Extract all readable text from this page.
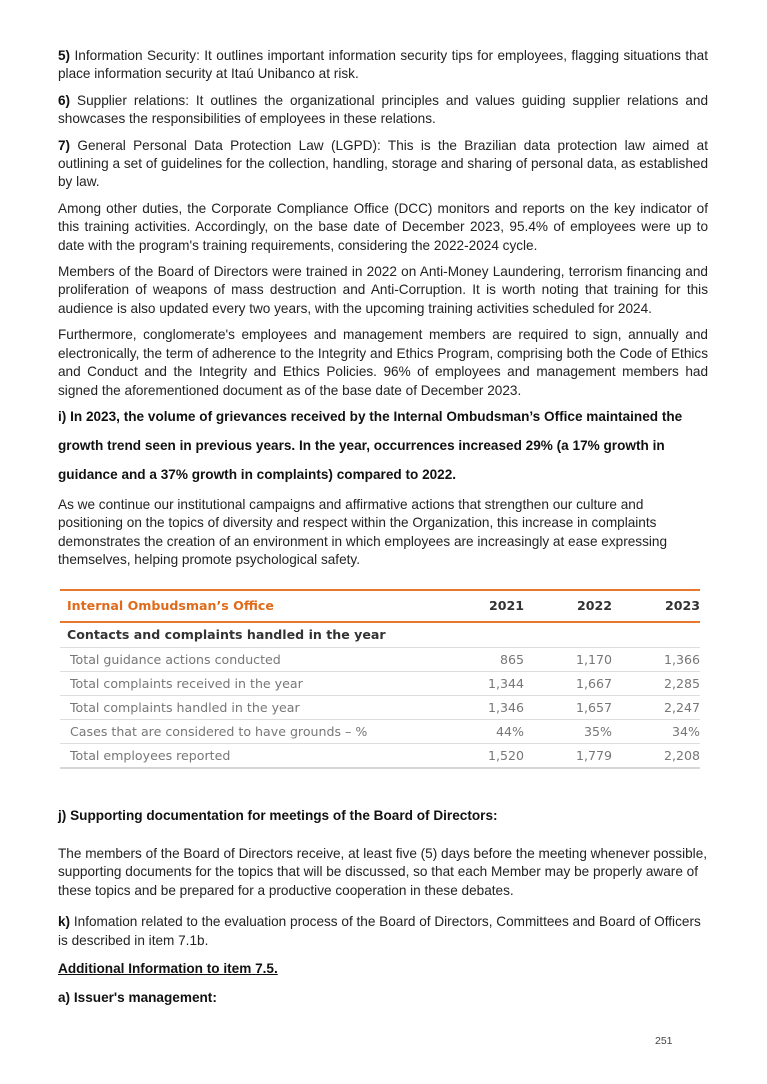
5) Information Security: It outlines important information security tips for employees, flagging situations that place information security at Itaú Unibanco at risk.

6) Supplier relations: It outlines the organizational principles and values guiding supplier relations and showcases the responsibilities of employees in these relations.

7) General Personal Data Protection Law (LGPD): This is the Brazilian data protection law aimed at outlining a set of guidelines for the collection, handling, storage and sharing of personal data, as established by law.

Among other duties, the Corporate Compliance Office (DCC) monitors and reports on the key indicator of this training activities. Accordingly, on the base date of December 2023, 95.4% of employees were up to date with the program's training requirements, considering the 2022-2024 cycle.

Members of the Board of Directors were trained in 2022 on Anti-Money Laundering, terrorism financing and proliferation of weapons of mass destruction and Anti-Corruption. It is worth noting that training for this audience is also updated every two years, with the upcoming training activities scheduled for 2024.

Furthermore, conglomerate's employees and management members are required to sign, annually and electronically, the term of adherence to the Integrity and Ethics Program, comprising both the Code of Ethics and Conduct and the Integrity and Ethics Policies. 96% of employees and management members had signed the aforementioned document as of the base date of December 2023.

i) In 2023, the volume of grievances received by the Internal Ombudsman’s Office maintained the growth trend seen in previous years. In the year, occurrences increased 29% (a 17% growth in guidance and a 37% growth in complaints) compared to 2022.

As we continue our institutional campaigns and affirmative actions that strengthen our culture and positioning on the topics of diversity and respect within the Organization, this increase in complaints demonstrates the creation of an environment in which employees are increasingly at ease expressing themselves, helping promote psychological safety.

Internal Ombudsman’s Office	2021	2022	2023
Contacts and complaints handled in the year
Total guidance actions conducted	865	1,170	1,366
Total complaints received in the year	1,344	1,667	2,285
Total complaints handled in the year	1,346	1,657	2,247
Cases that are considered to have grounds – %	44%	35%	34%
Total employees reported	1,520	1,779	2,208

j) Supporting documentation for meetings of the Board of Directors:

The members of the Board of Directors receive, at least five (5) days before the meeting whenever possible, supporting documents for the topics that will be discussed, so that each Member may be properly aware of these topics and be prepared for a productive cooperation in these debates.

k) Infomation related to the evaluation process of the Board of Directors, Committees and Board of Officers is described in item 7.1b.

Additional Information to item 7.5.

a) Issuer's management:

251
